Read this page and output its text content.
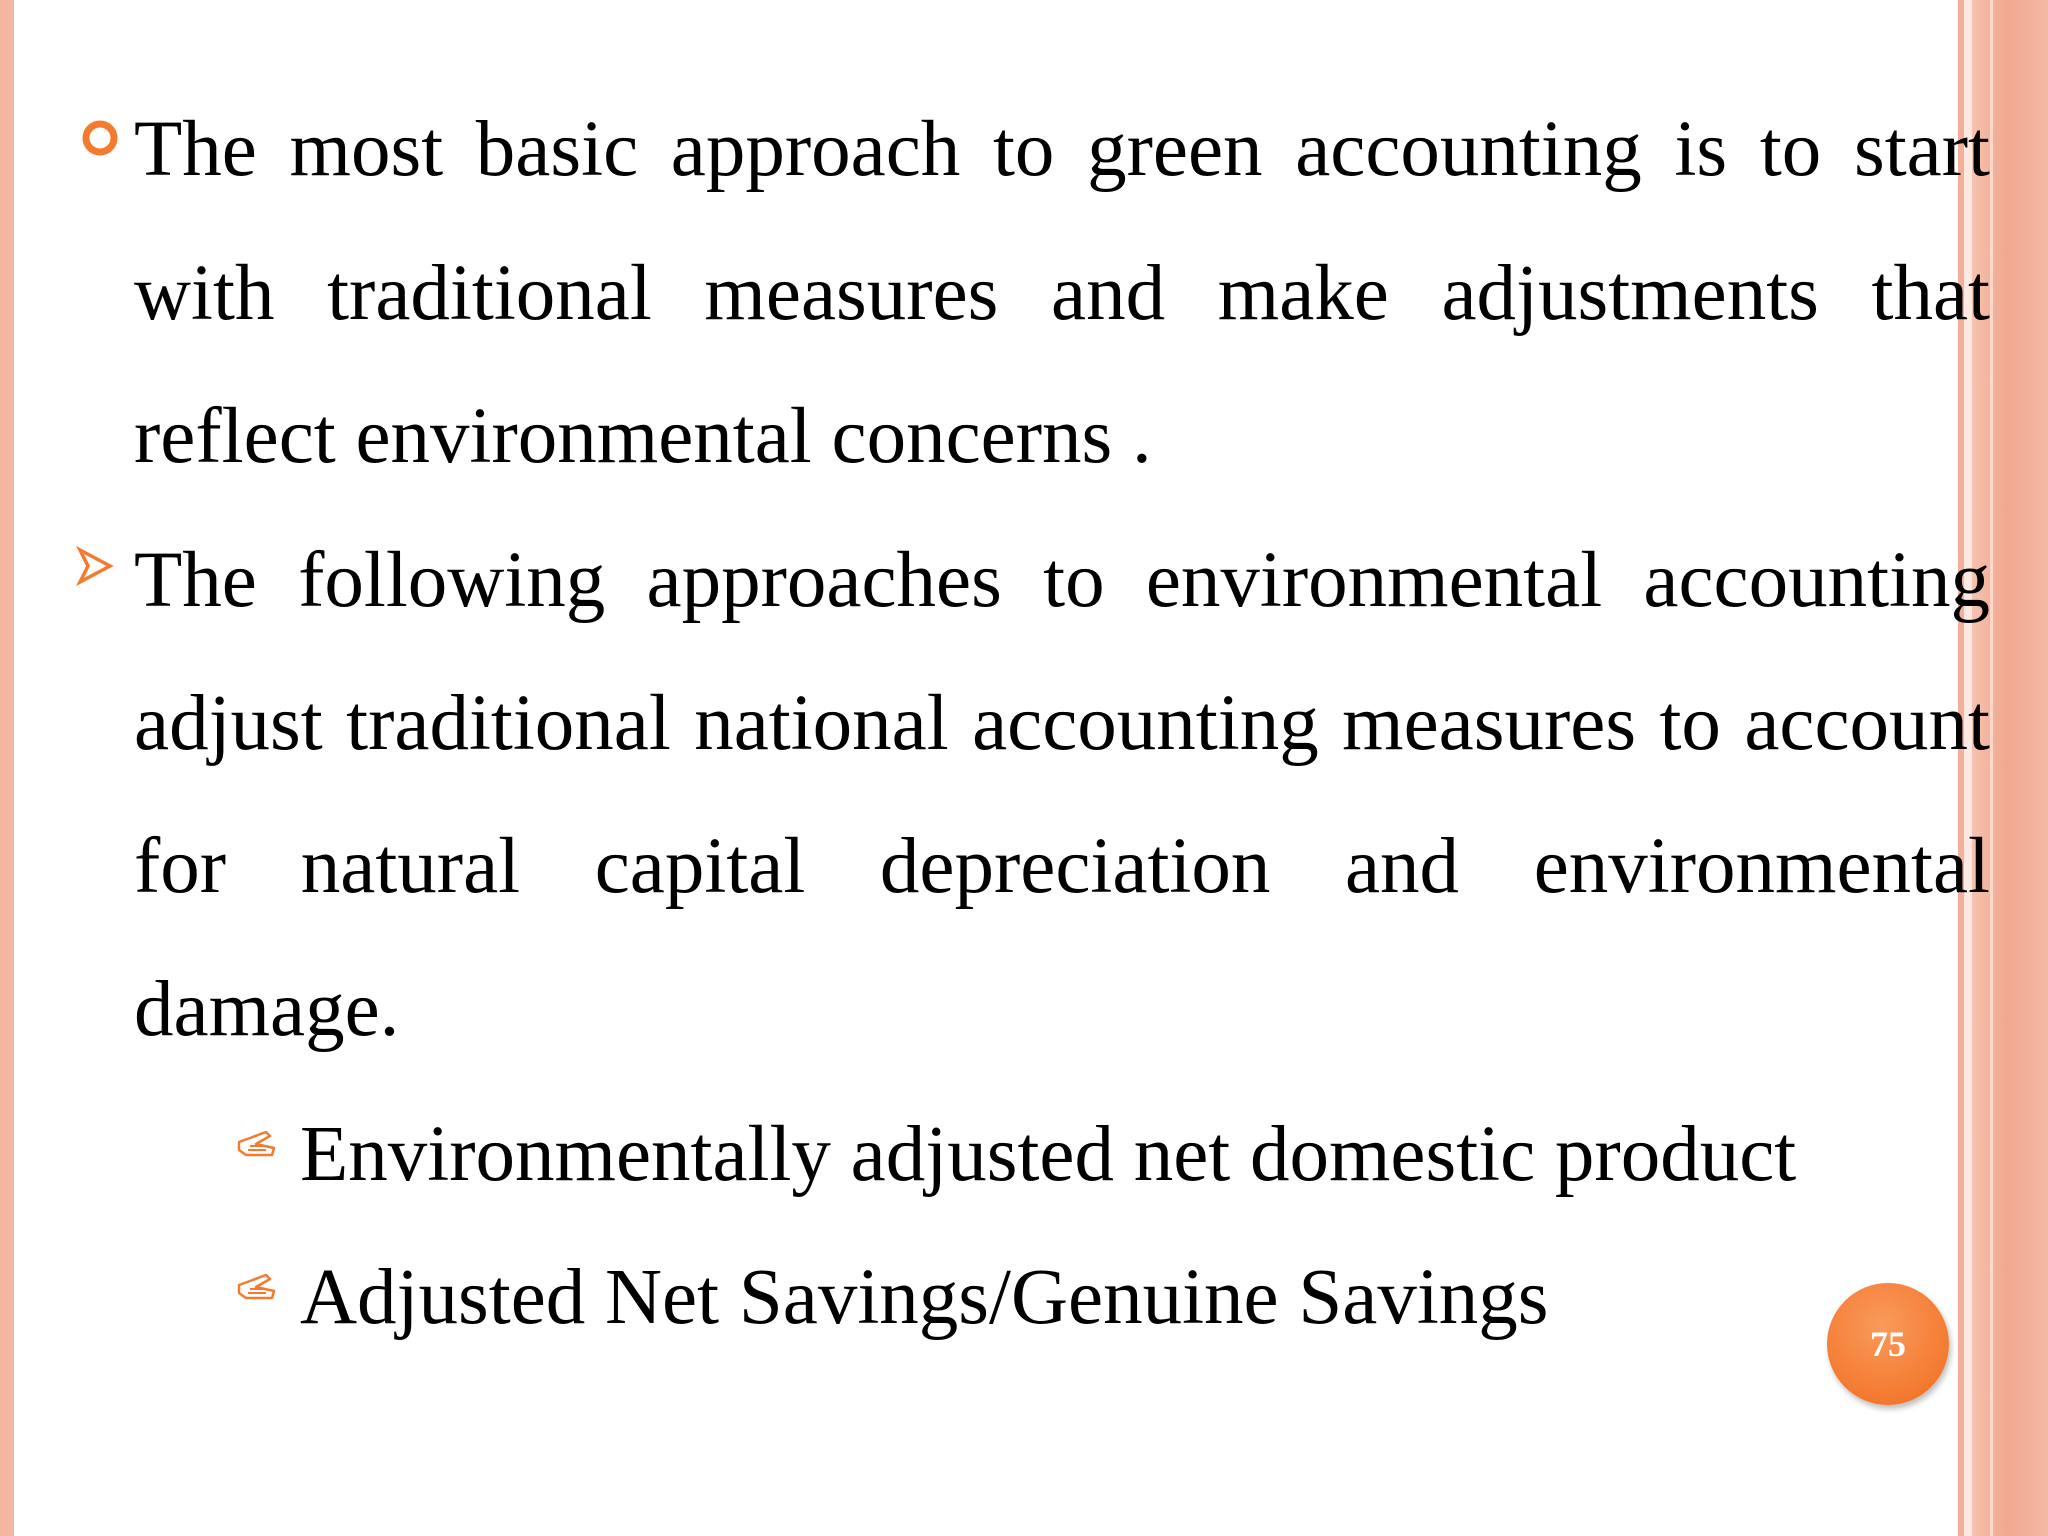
The most basic approach to green accounting is to start
with traditional measures and make adjustments that
reflect environmental concerns .
The following approaches to environmental accounting
adjust traditional national accounting measures to account
for natural capital depreciation and environmental
damage.
Environmentally adjusted net domestic product
Adjusted Net Savings/Genuine Savings
75
